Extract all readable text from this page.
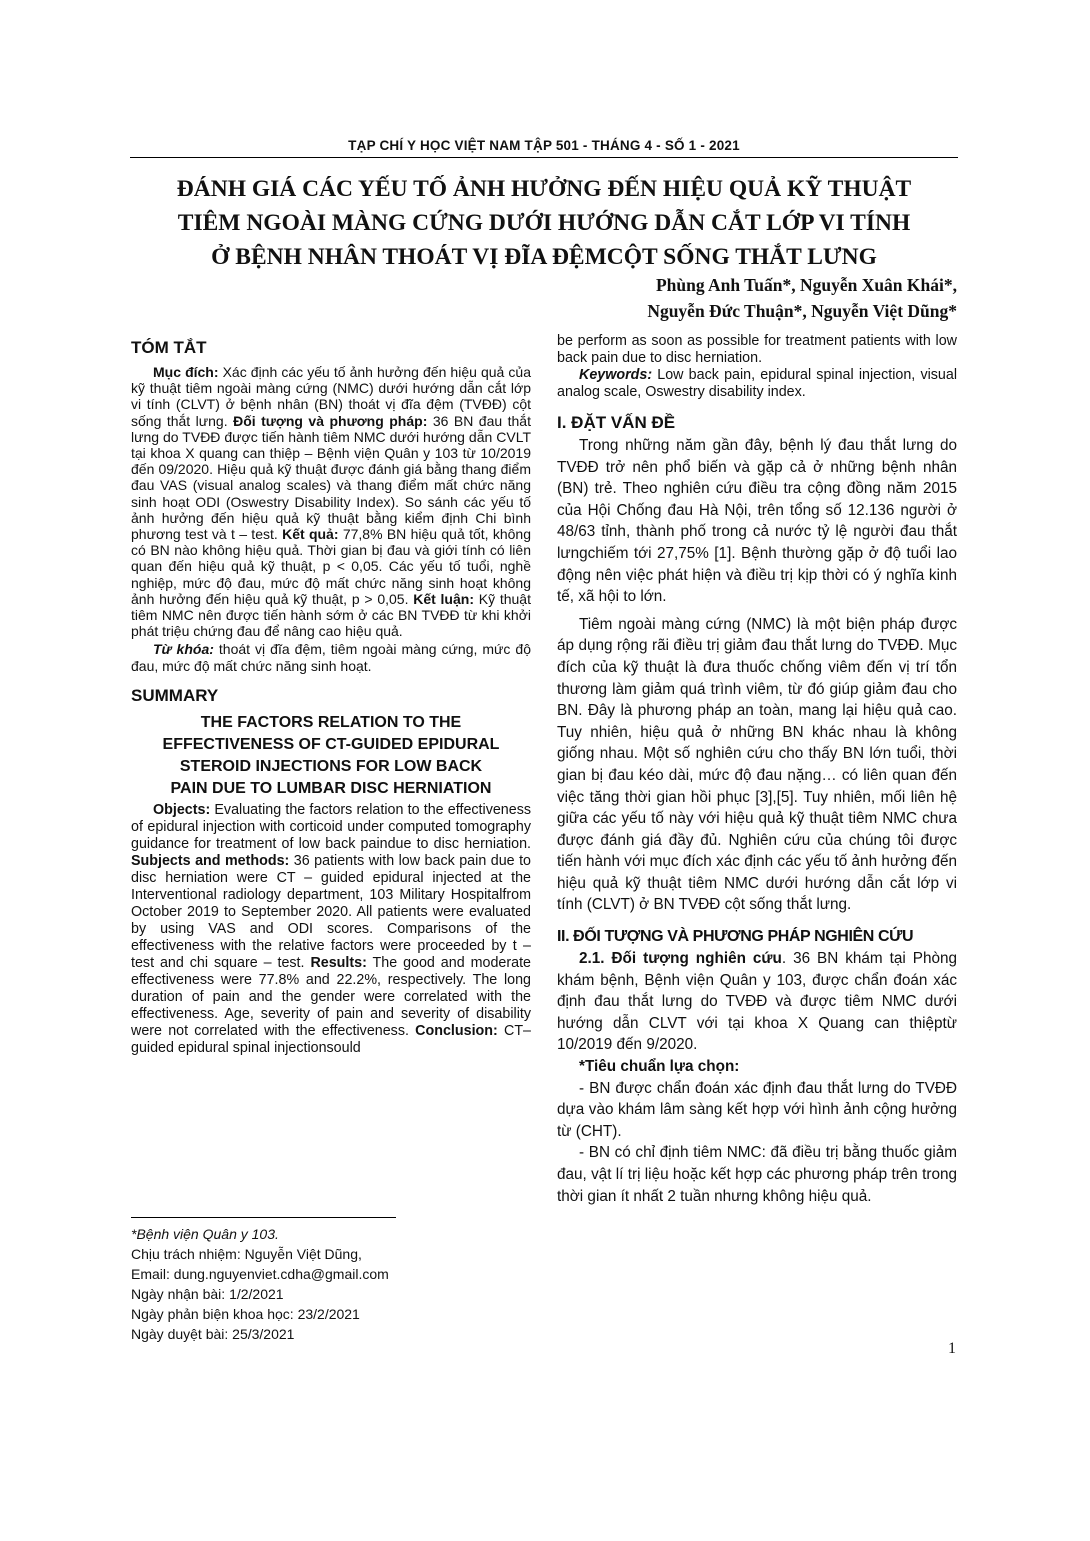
TẠP CHÍ Y HỌC VIỆT NAM TẬP 501 - THÁNG 4 - SỐ 1 - 2021
ĐÁNH GIÁ CÁC YẾU TỐ ẢNH HƯỞNG ĐẾN HIỆU QUẢ KỸ THUẬT
TIÊM NGOÀI MÀNG CỨNG DƯỚI HƯỚNG DẪN CẮT LỚP VI TÍNH
Ở BỆNH NHÂN THOÁT VỊ ĐĨA ĐỆMCỘT SỐNG THẮT LƯNG
Phùng Anh Tuấn*, Nguyễn Xuân Khái*,
Nguyễn Đức Thuận*, Nguyễn Việt Dũng*
TÓM TẮT

Mục đích: Xác định các yếu tố ảnh hưởng đến hiệu quả của kỹ thuật tiêm ngoài màng cứng (NMC) dưới hướng dẫn cắt lớp vi tính (CLVT) ở bệnh nhân (BN) thoát vị đĩa đệm (TVĐĐ) cột sống thắt lưng. Đối tượng và phương pháp: 36 BN đau thắt lưng do TVĐĐ được tiến hành tiêm NMC dưới hướng dẫn CVLT tại khoa X quang can thiệp – Bệnh viện Quân y 103 từ 10/2019 đến 09/2020. Hiệu quả kỹ thuật được đánh giá bằng thang điểm đau VAS (visual analog scales) và thang điểm mất chức năng sinh hoạt ODI (Oswestry Disability Index). So sánh các yếu tố ảnh hưởng đến hiệu quả kỹ thuật bằng kiểm định Chi bình phương test và t – test. Kết quả: 77,8% BN hiệu quả tốt, không có BN nào không hiệu quả. Thời gian bị đau và giới tính có liên quan đến hiệu quả kỹ thuật, p < 0,05. Các yếu tố tuổi, nghề nghiệp, mức độ đau, mức độ mất chức năng sinh hoạt không ảnh hưởng đến hiệu quả kỹ thuật, p > 0,05. Kết luận: Kỹ thuật tiêm NMC nên được tiến hành sớm ở các BN TVĐĐ từ khi khởi phát triệu chứng đau để nâng cao hiệu quả.

Từ khóa: thoát vị đĩa đệm, tiêm ngoài màng cứng, mức độ đau, mức độ mất chức năng sinh hoạt.

SUMMARY
THE FACTORS RELATION TO THE
EFFECTIVENESS OF CT-GUIDED EPIDURAL
STEROID INJECTIONS FOR LOW BACK
PAIN DUE TO LUMBAR DISC HERNIATION

Objects: Evaluating the factors relation to the effectiveness of epidural injection with corticoid under computed tomography guidance for treatment of low back paindue to disc herniation. Subjects and methods: 36 patients with low back pain due to disc herniation were CT – guided epidural injected at the Interventional radiology department, 103 Military Hospitalfrom October 2019 to September 2020. All patients were evaluated by using VAS and ODI scores. Comparisons of the effectiveness with the relative factors were proceeded by t – test and chi square – test. Results: The good and moderate effectiveness were 77.8% and 22.2%, respectively. The long duration of pain and the gender were correlated with the effectiveness. Age, severity of pain and severity of disability were not correlated with the effectiveness. Conclusion: CT–guided epidural spinal injectionsould

*Bệnh viện Quân y 103.
Chịu trách nhiệm: Nguyễn Việt Dũng,
Email: dung.nguyenviet.cdha@gmail.com
Ngày nhận bài: 1/2/2021
Ngày phản biện khoa học: 23/2/2021
Ngày duyệt bài: 25/3/2021

be perform as soon as possible for treatment patients with low back pain due to disc herniation.

Keywords: Low back pain, epidural spinal injection, visual analog scale, Oswestry disability index.

I. ĐẶT VẤN ĐỀ

Trong những năm gần đây, bệnh lý đau thắt lưng do TVĐĐ trở nên phổ biến và gặp cả ở những bệnh nhân (BN) trẻ. Theo nghiên cứu điều tra cộng đồng năm 2015 của Hội Chống đau Hà Nội, trên tổng số 12.136 người ở 48/63 tỉnh, thành phố trong cả nước tỷ lệ người đau thắt lưngchiếm tới 27,75% [1]. Bệnh thường gặp ở độ tuổi lao động nên việc phát hiện và điều trị kịp thời có ý nghĩa kinh tế, xã hội to lớn.

Tiêm ngoài màng cứng (NMC) là một biện pháp được áp dụng rộng rãi điều trị giảm đau thắt lưng do TVĐĐ. Mục đích của kỹ thuật là đưa thuốc chống viêm đến vị trí tổn thương làm giảm quá trình viêm, từ đó giúp giảm đau cho BN. Đây là phương pháp an toàn, mang lại hiệu quả cao. Tuy nhiên, hiệu quả ở những BN khác nhau là không giống nhau. Một số nghiên cứu cho thấy BN lớn tuổi, thời gian bị đau kéo dài, mức độ đau nặng… có liên quan đến việc tăng thời gian hồi phục [3],[5]. Tuy nhiên, mối liên hệ giữa các yếu tố này với hiệu quả kỹ thuật tiêm NMC chưa được đánh giá đầy đủ. Nghiên cứu của chúng tôi được tiến hành với mục đích xác định các yếu tố ảnh hưởng đến hiệu quả kỹ thuật tiêm NMC dưới hướng dẫn cắt lớp vi tính (CLVT) ở BN TVĐĐ cột sống thắt lưng.

II. ĐỐI TƯỢNG VÀ PHƯƠNG PHÁP NGHIÊN CỨU

2.1. Đối tượng nghiên cứu. 36 BN khám tại Phòng khám bệnh, Bệnh viện Quân y 103, được chẩn đoán xác định đau thắt lưng do TVĐĐ và được tiêm NMC dưới hướng dẫn CLVT với tại khoa X Quang can thiệptừ 10/2019 đến 9/2020.

*Tiêu chuẩn lựa chọn:

- BN được chẩn đoán xác định đau thắt lưng do TVĐĐ dựa vào khám lâm sàng kết hợp với hình ảnh cộng hưởng từ (CHT).

- BN có chỉ định tiêm NMC: đã điều trị bằng thuốc giảm đau, vật lí trị liệu hoặc kết hợp các phương pháp trên trong thời gian ít nhất 2 tuần nhưng không hiệu quả.

1
